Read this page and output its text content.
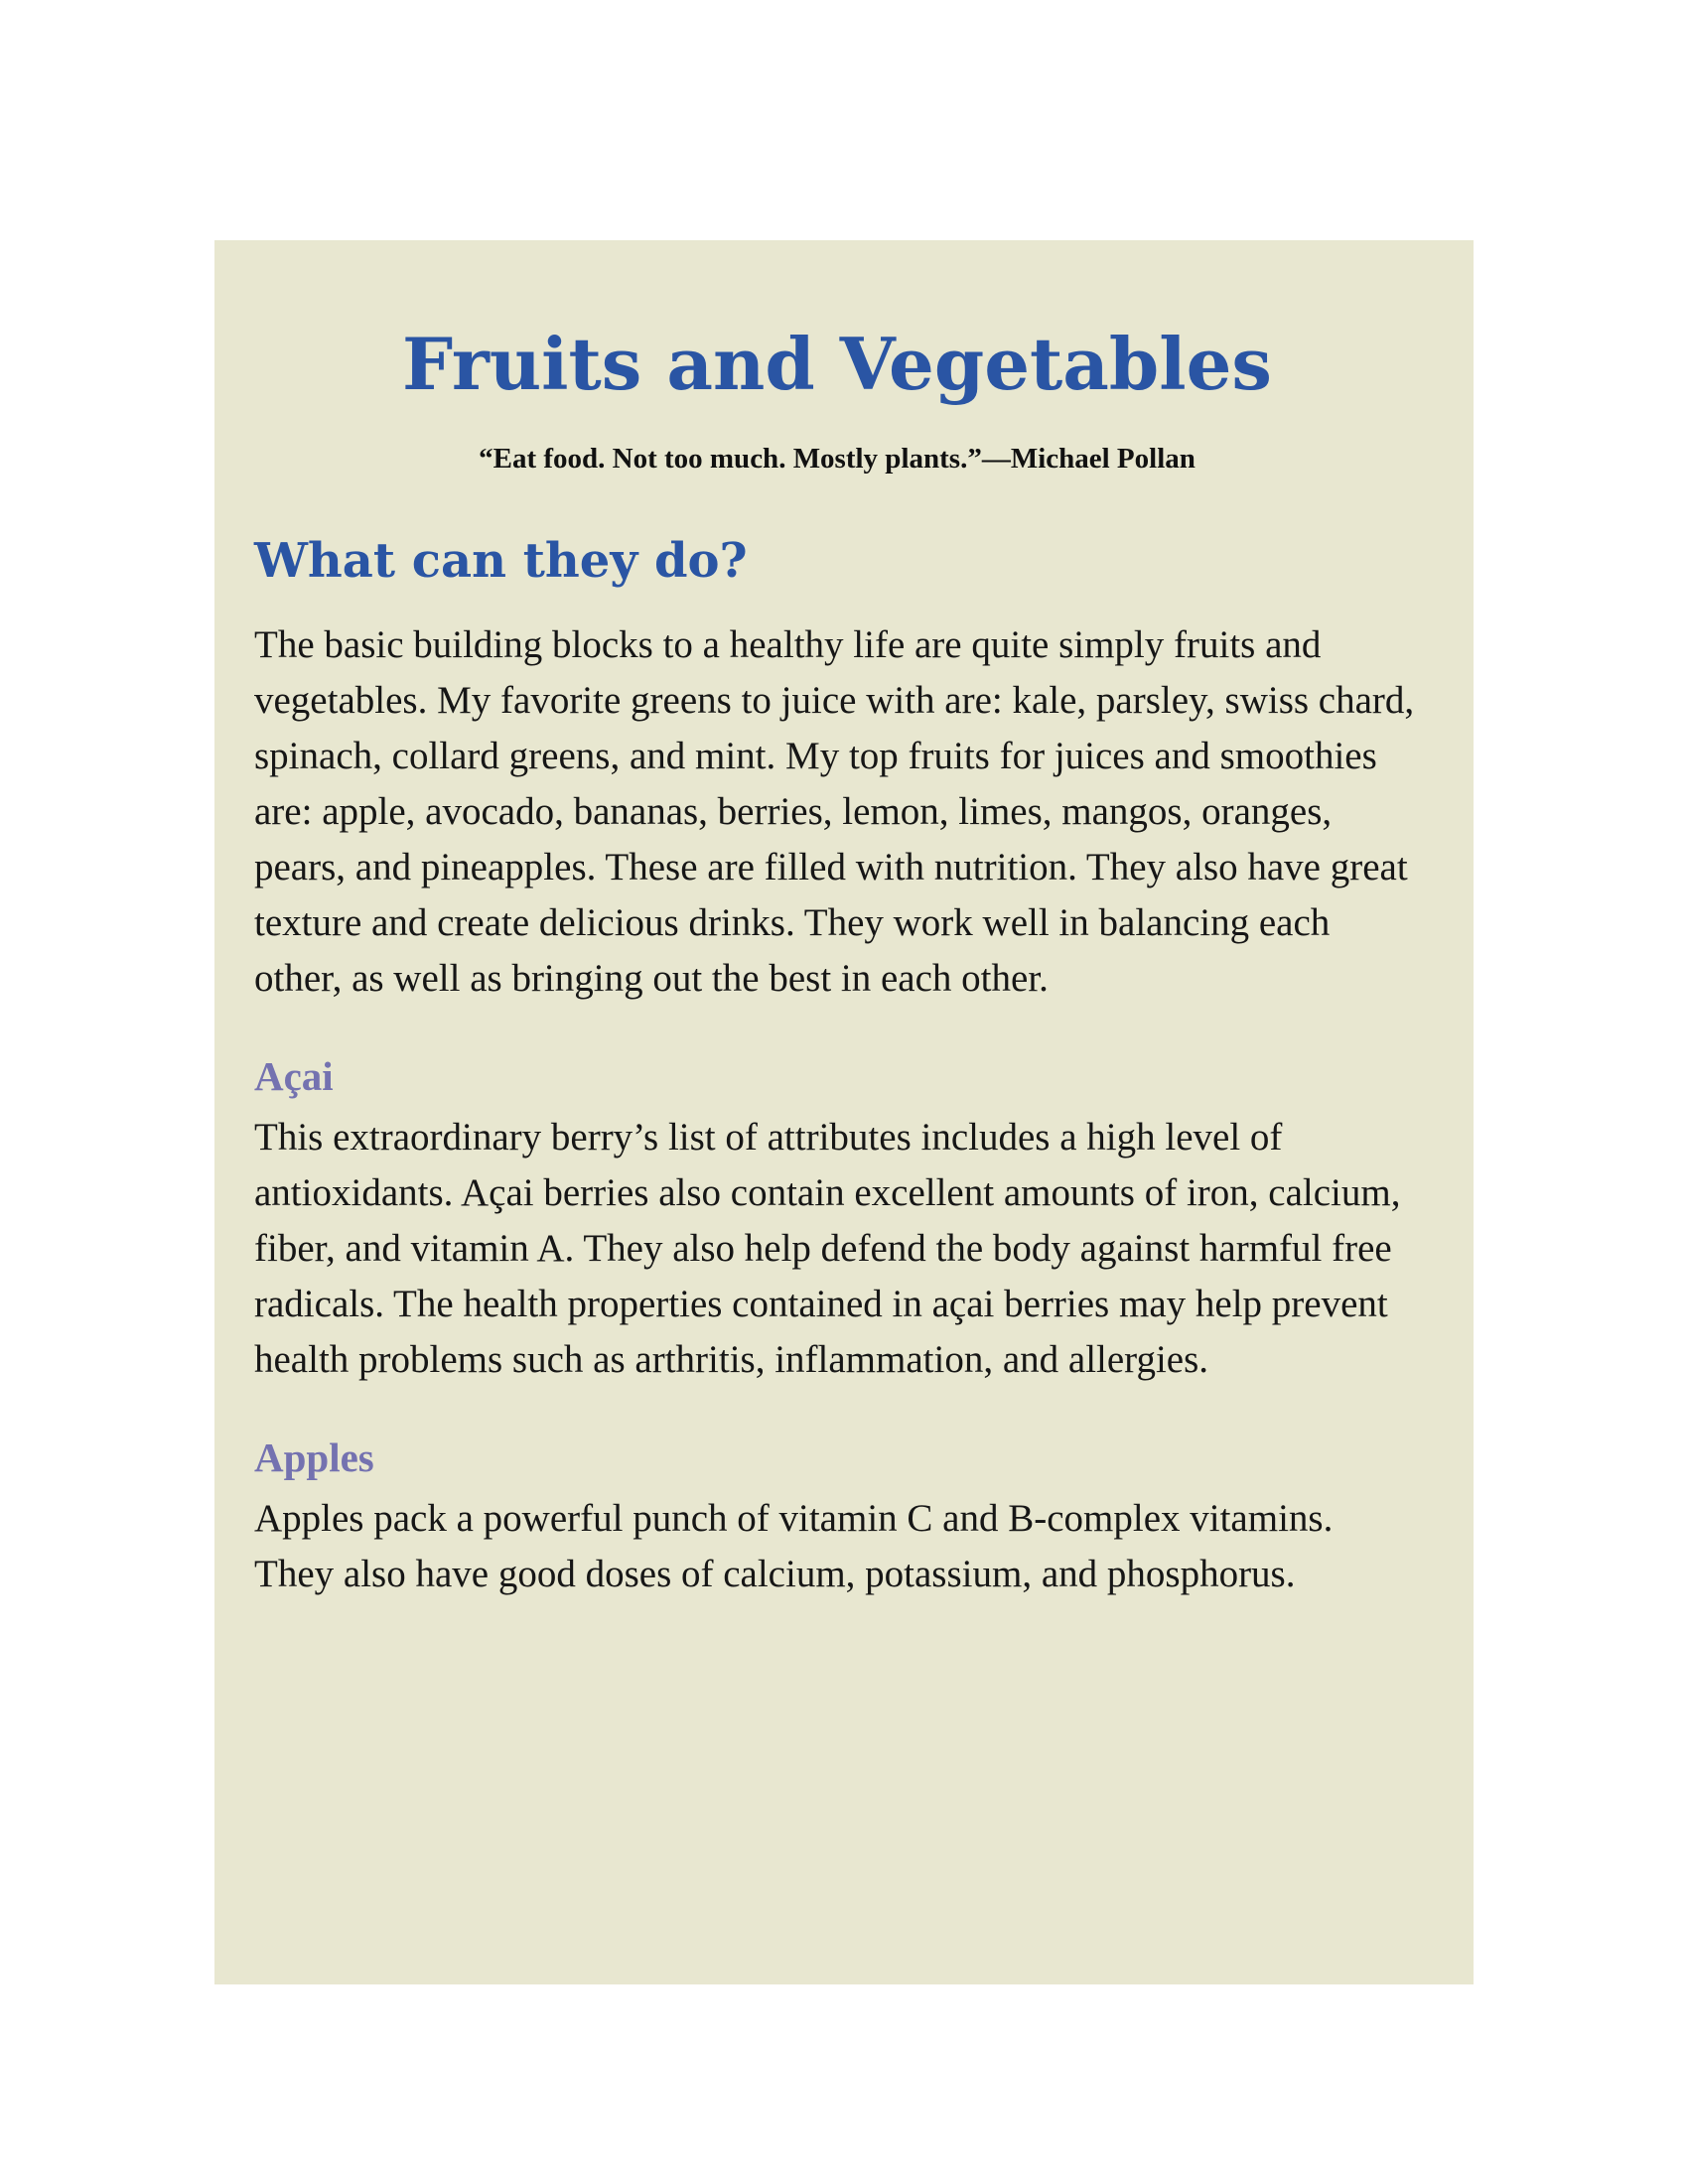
Fruits and Vegetables

“Eat food. Not too much. Mostly plants.”—Michael Pollan

What can they do?

The basic building blocks to a healthy life are quite simply fruits and vegetables. My favorite greens to juice with are: kale, parsley, swiss chard, spinach, collard greens, and mint. My top fruits for juices and smoothies are: apple, avocado, bananas, berries, lemon, limes, mangos, oranges, pears, and pineapples. These are filled with nutrition. They also have great texture and create delicious drinks. They work well in balancing each other, as well as bringing out the best in each other.

Açai

This extraordinary berry’s list of attributes includes a high level of antioxidants. Açai berries also contain excellent amounts of iron, calcium, fiber, and vitamin A. They also help defend the body against harmful free radicals. The health properties contained in açai berries may help prevent health problems such as arthritis, inflammation, and allergies.

Apples

Apples pack a powerful punch of vitamin C and B-complex vitamins. They also have good doses of calcium, potassium, and phosphorus.
